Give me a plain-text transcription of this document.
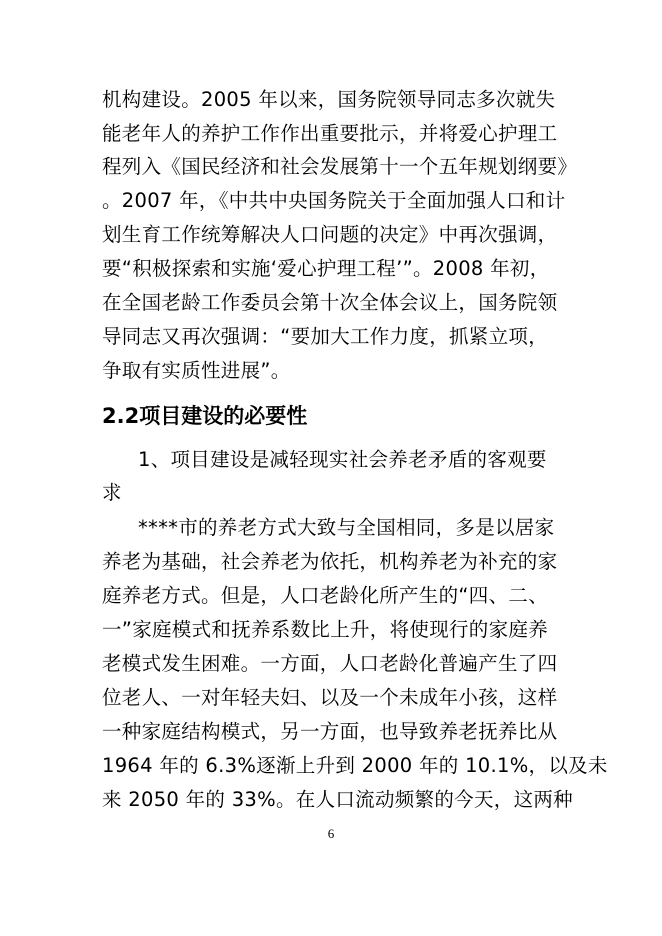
机构建设。2005 年以来，国务院领导同志多次就失
能老年人的养护工作作出重要批示，并将爱心护理工
程列入《国民经济和社会发展第十一个五年规划纲要》
。2007 年，《中共中央国务院关于全面加强人口和计
划生育工作统筹解决人口问题的决定》中再次强调，
要“积极探索和实施‘爱心护理工程’”。2008 年初，
在全国老龄工作委员会第十次全体会议上，国务院领
导同志又再次强调：“要加大工作力度，抓紧立项，
争取有实质性进展”。
2.2项目建设的必要性
1、项目建设是减轻现实社会养老矛盾的客观要
求
****市的养老方式大致与全国相同，多是以居家
养老为基础，社会养老为依托，机构养老为补充的家
庭养老方式。但是，人口老龄化所产生的“四、二、
一”家庭模式和抚养系数比上升，将使现行的家庭养
老模式发生困难。一方面，人口老龄化普遍产生了四
位老人、一对年轻夫妇、以及一个未成年小孩，这样
一种家庭结构模式，另一方面，也导致养老抚养比从
1964 年的 6.3%逐渐上升到 2000 年的 10.1%，以及未
来 2050 年的 33%。在人口流动频繁的今天，这两种
6
